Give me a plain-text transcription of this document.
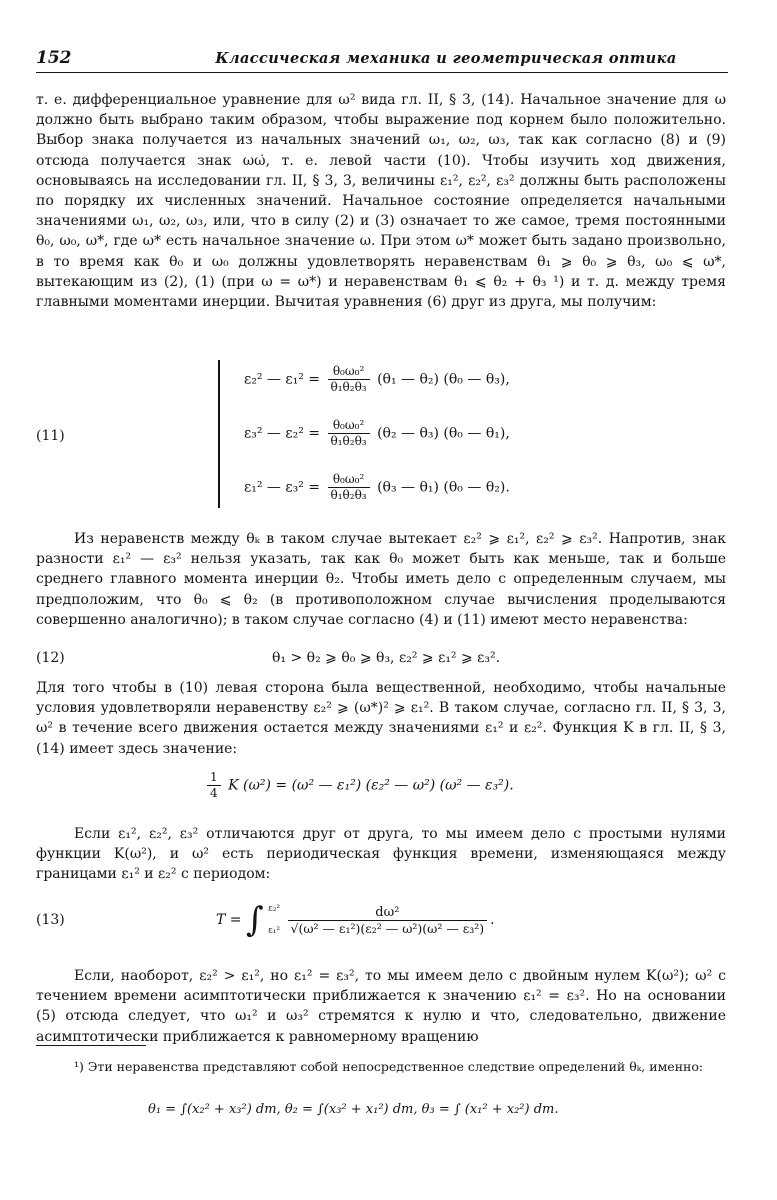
152	Классическая механика и геометрическая оптика
т. е. дифференциальное уравнение для ω² вида гл. II, § 3, (14). Начальное значение для ω должно быть выбрано таким образом, чтобы выражение под корнем было положительно. Выбор знака получается из начальных значений ω₁, ω₂, ω₃, так как согласно (8) и (9) отсюда получается знак ωω̇, т. е. левой части (10). Чтобы изучить ход движения, основываясь на исследовании гл. II, § 3, 3, величины ε₁², ε₂², ε₃² должны быть расположены по порядку их численных значений. Начальное состояние определяется начальными значениями ω₁, ω₂, ω₃, или, что в силу (2) и (3) означает то же самое, тремя постоянными θ₀, ω₀, ω*, где ω* есть начальное значение ω. При этом ω* может быть задано произвольно, в то время как θ₀ и ω₀ должны удовлетворять неравенствам θ₁ ⩾ θ₀ ⩾ θ₃, ω₀ ⩽ ω*, вытекающим из (2), (1) (при ω = ω*) и неравенствам θ₁ ⩽ θ₂ + θ₃ ¹) и т. д. между тремя главными моментами инерции. Вычитая уравнения (6) друг из друга, мы получим:
(11)
ε₂² — $\varepsilon_1^2 = \frac{\text{θ₀ω₀²}}{\text{θ₁θ₂θ₃}} (\theta_1$ — θ₂) (θ₀ — θ₃),
ε₃² — $\varepsilon_2^2 = \frac{\text{θ₀ω₀²}}{\text{θ₁θ₂θ₃}} (\theta_2$ — θ₃) (θ₀ — θ₁),
ε₁² — $\varepsilon_3^2 = \frac{\text{θ₀ω₀²}}{\text{θ₁θ₂θ₃}} (\theta_3$ — θ₁) (θ₀ — θ₂).
Из неравенств между θₖ в таком случае вытекает ε₂² ⩾ ε₁², ε₂² ⩾ ε₃². Напротив, знак разности ε₁² — ε₃² нельзя указать, так как θ₀ может быть как меньше, так и больше среднего главного момента инерции θ₂. Чтобы иметь дело с определенным случаем, мы предположим, что θ₀ ⩽ θ₂ (в противоположном случае вычисления проделываются совершенно аналогично); в таком случае согласно (4) и (11) имеют место неравенства:
(12)	θ₁ > θ₂ ⩾ θ₀ ⩾ θ₃, ε₂² ⩾ ε₁² ⩾ ε₃².
Для того чтобы в (10) левая сторона была вещественной, необходимо, чтобы начальные условия удовлетворяли неравенству ε₂² ⩾ (ω*)² ⩾ ε₁². В таком случае, согласно гл. II, § 3, 3, ω² в течение всего движения остается между значениями ε₁² и ε₂². Функция K в гл. II, § 3, (14) имеет здесь значение:
$\frac{1}{4}$ K (ω²) = (ω² — ε₁²) (ε₂² — ω²) (ω² — ε₃²).
Если ε₁², ε₂², ε₃² отличаются друг от друга, то мы имеем дело с простыми нулями функции K(ω²), и ω² есть периодическая функция времени, изменяющаяся между границами ε₁² и ε₂² с периодом:
(13)	T = ∫ ε₂²
ε₁²
$\frac{\text{dω²}}{\text{√(ω² — ε₁²)(ε₂² — ω²)(ω² — ε₃²)}}$ .
Если, наоборот, ε₂² > ε₁², но ε₁² = ε₃², то мы имеем дело с двойным нулем K(ω²); ω² с течением времени асимптотически приближается к значению ε₁² = ε₃². Но на основании (5) отсюда следует, что ω₁² и ω₃² стремятся к нулю и что, следовательно, движение асимптотически приближается к равномерному вращению
¹) Эти неравенства представляют собой непосредственное следствие определений θₖ, именно:
θ₁ = ∫(x₂² + x₃²) dm, θ₂ = ∫(x₃² + x₁²) dm, θ₃ = ∫ (x₁² + x₂²) dm.
